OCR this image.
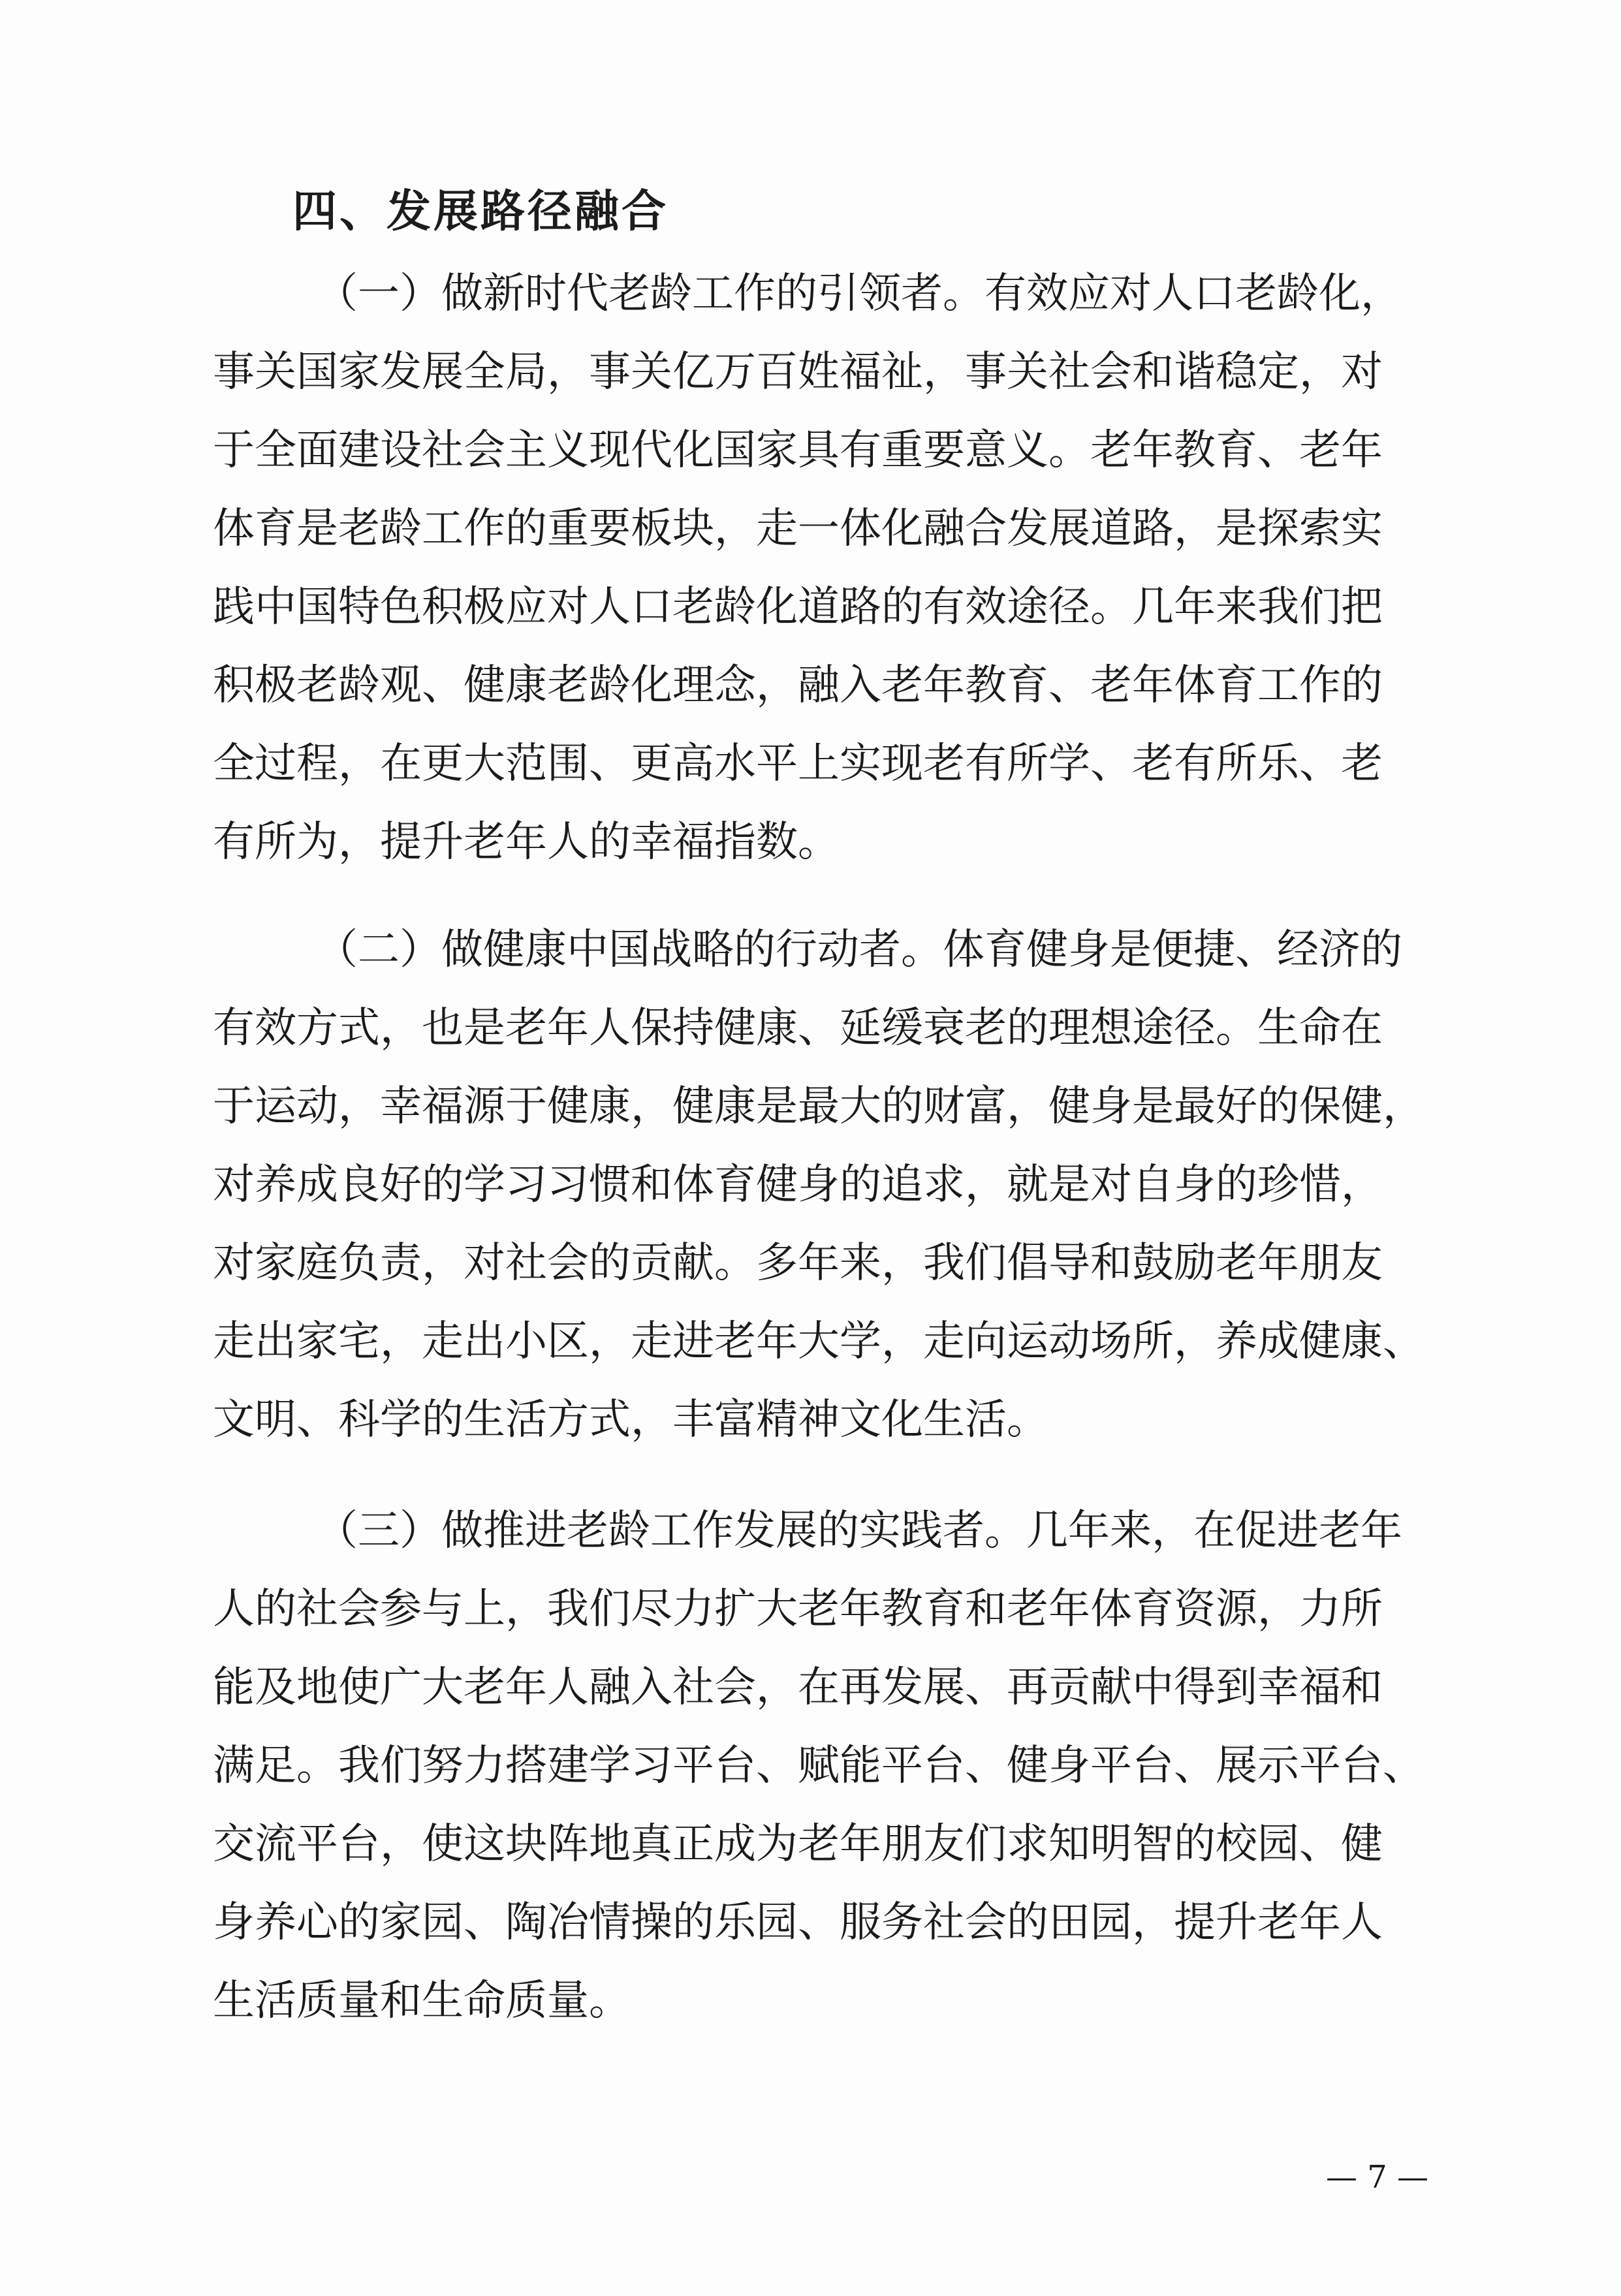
四、发展路径融合
（一）做新时代老龄工作的引领者。有效应对人口老龄化，
事关国家发展全局，事关亿万百姓福祉，事关社会和谐稳定，对
于全面建设社会主义现代化国家具有重要意义。老年教育、老年
体育是老龄工作的重要板块，走一体化融合发展道路，是探索实
践中国特色积极应对人口老龄化道路的有效途径。几年来我们把
积极老龄观、健康老龄化理念，融入老年教育、老年体育工作的
全过程，在更大范围、更高水平上实现老有所学、老有所乐、老
有所为，提升老年人的幸福指数。
（二）做健康中国战略的行动者。体育健身是便捷、经济的
有效方式，也是老年人保持健康、延缓衰老的理想途径。生命在
于运动，幸福源于健康，健康是最大的财富，健身是最好的保健，
对养成良好的学习习惯和体育健身的追求，就是对自身的珍惜，
对家庭负责，对社会的贡献。多年来，我们倡导和鼓励老年朋友
走出家宅，走出小区，走进老年大学，走向运动场所，养成健康、
文明、科学的生活方式，丰富精神文化生活。
（三）做推进老龄工作发展的实践者。几年来，在促进老年
人的社会参与上，我们尽力扩大老年教育和老年体育资源，力所
能及地使广大老年人融入社会，在再发展、再贡献中得到幸福和
满足。我们努力搭建学习平台、赋能平台、健身平台、展示平台、
交流平台，使这块阵地真正成为老年朋友们求知明智的校园、健
身养心的家园、陶冶情操的乐园、服务社会的田园，提升老年人
生活质量和生命质量。
— 7 —
